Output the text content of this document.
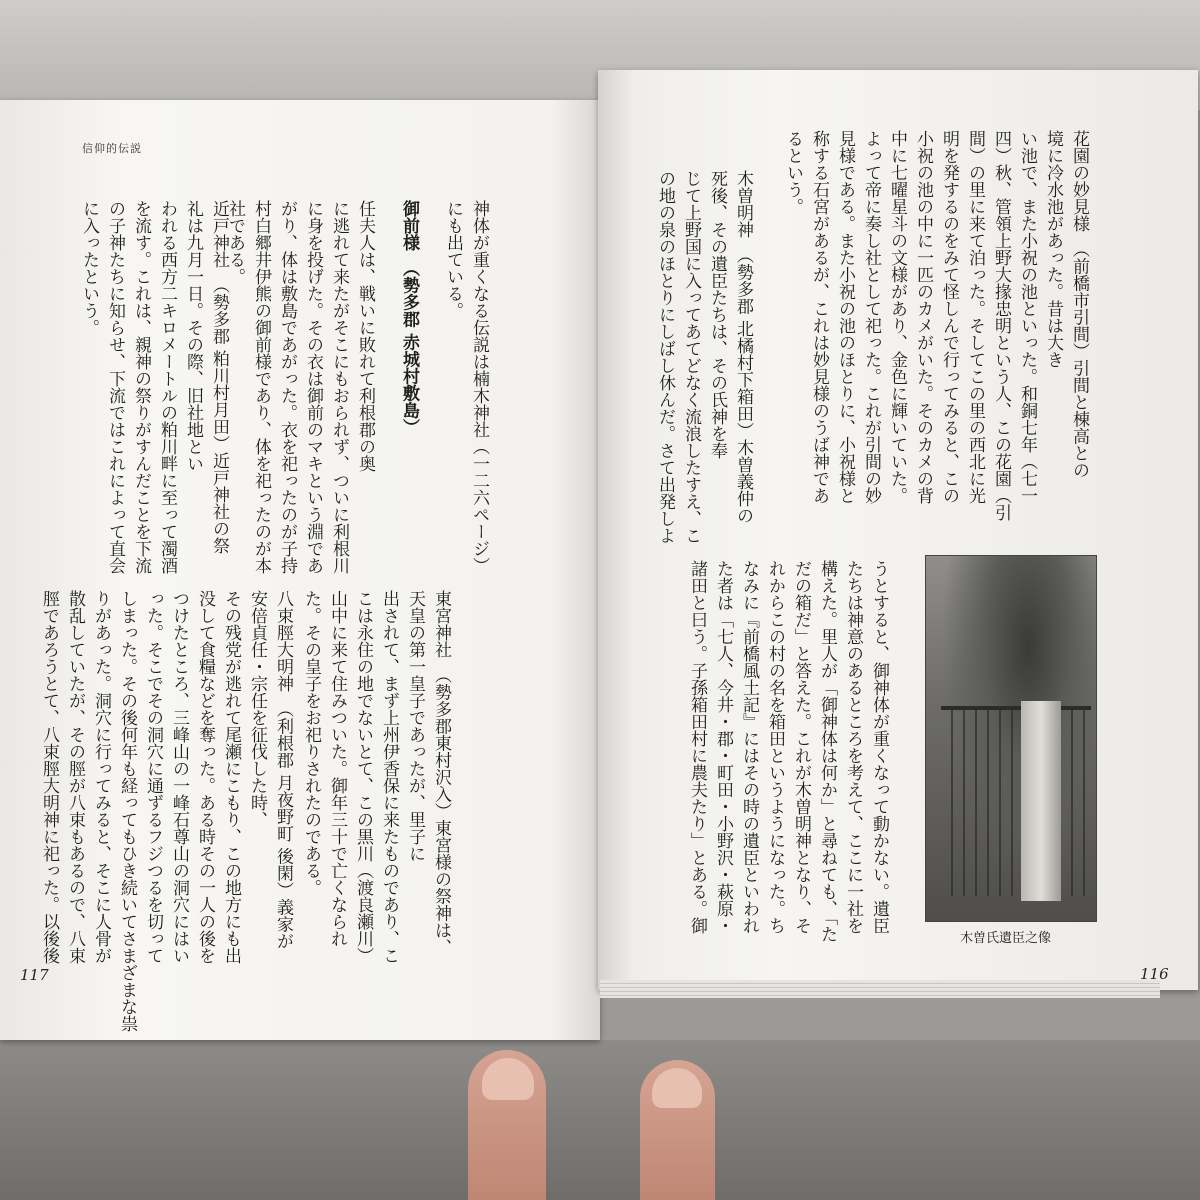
信仰的伝説
神体が重くなる伝説は楠木神社（一二六ページ）
にも出ている。
御前様　（勢多郡 赤城村敷島）
任夫人は、戦いに敗れて利根郡の奥
に逃れて来たがそこにもおられず、ついに利根川
に身を投げた。その衣は御前のマキという淵であ
がり、体は敷島であがった。衣を祀ったのが子持
村白郷井伊熊の御前様であり、体を祀ったのが本
社である。
近戸神社　（勢多郡 粕川村月田）近戸神社の祭
礼は九月一日。その際、旧社地とい
われる西方二キロメートルの粕川畔に至って濁酒
を流す。これは、親神の祭りがすんだことを下流
の子神たちに知らせ、下流ではこれによって直会
に入ったという。
東宮神社　（勢多郡東村沢入）東宮様の祭神は、
天皇の第一皇子であったが、里子に
出されて、まず上州伊香保に来たものであり、こ
こは永住の地でないとて、この黒川（渡良瀬川）
山中に来て住みついた。御年三十で亡くなられ
た。その皇子をお祀りされたのである。
八束脛大明神　（利根郡 月夜野町 後閑）義家が
安倍貞任・宗任を征伐した時、
その残党が逃れて尾瀬にこもり、この地方にも出
没して食糧などを奪った。ある時その一人の後を
つけたところ、三峰山の一峰石尊山の洞穴にはい
った。そこでその洞穴に通ずるフジつるを切って
しまった。その後何年も経ってもひき続いてさまざまな祟
りがあった。洞穴に行ってみると、そこに人骨が
散乱していたが、その脛が八束もあるので、八束
脛であろうとて、八束脛大明神に祀った。以後後
117
花園の妙見様　（前橋市引間）引間と棟高との
境に冷水池があった。昔は大き
い池で、また小祝の池といった。和銅七年（七一
四）秋、管領上野大掾忠明という人、この花園（引
間）の里に来て泊った。そしてこの里の西北に光
明を発するのをみて怪しんで行ってみると、この
小祝の池の中に一匹のカメがいた。そのカメの背
中に七曜星斗の文様があり、金色に輝いていた。
よって帝に奏し社として祀った。これが引間の妙
見様である。また小祝の池のほとりに、小祝様と
称する石宮があるが、これは妙見様のうば神であ
るという。
木曽明神　（勢多郡 北橘村下箱田）木曽義仲の
死後、その遺臣たちは、その氏神を奉
じて上野国に入ってあてどなく流浪したすえ、こ
の地の泉のほとりにしばし休んだ。さて出発しよ
うとすると、御神体が重くなって動かない。遺臣
たちは神意のあるところを考えて、ここに一社を
構えた。里人が「御神体は何か」と尋ねても、「た
だの箱だ」と答えた。これが木曽明神となり、そ
れからこの村の名を箱田というようになった。ち
なみに『前橋風土記』にはその時の遺臣といわれ
た者は「七人、今井・郡・町田・小野沢・萩原・
諸田と曰う。子孫箱田村に農夫たり」とある。御
木曽氏遺臣之像
116
